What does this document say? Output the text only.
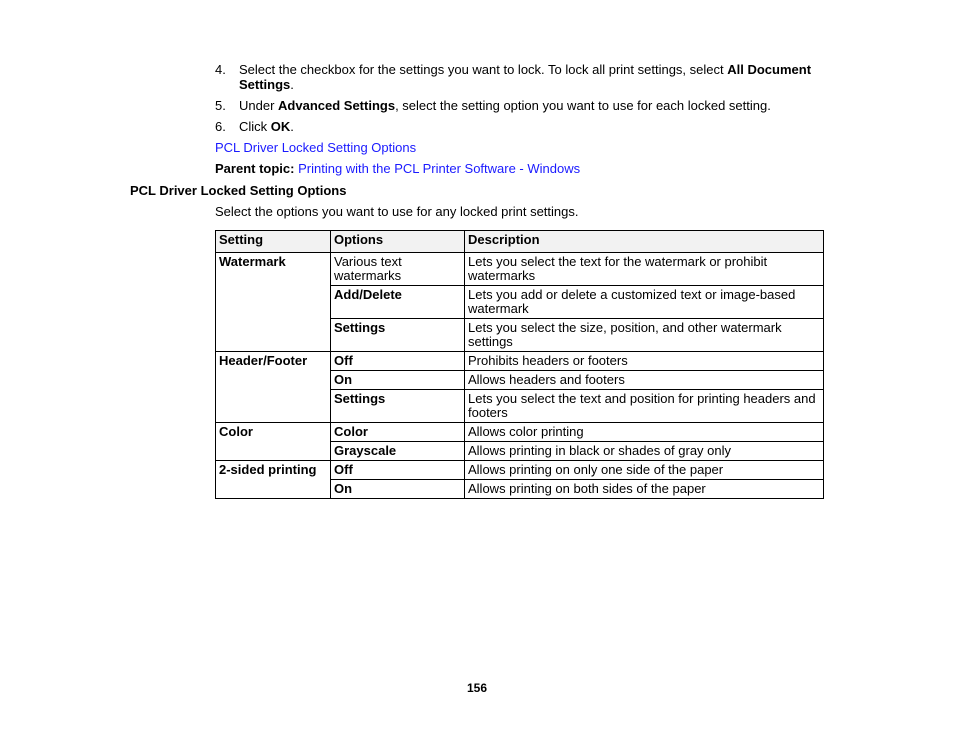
4. Select the checkbox for the settings you want to lock. To lock all print settings, select All Document Settings.
5. Under Advanced Settings, select the setting option you want to use for each locked setting.
6. Click OK.
PCL Driver Locked Setting Options
Parent topic: Printing with the PCL Printer Software - Windows
PCL Driver Locked Setting Options
Select the options you want to use for any locked print settings.
Setting	Options	Description
Watermark	Various text watermarks	Lets you select the text for the watermark or prohibit watermarks
	Add/Delete	Lets you add or delete a customized text or image-based watermark
	Settings	Lets you select the size, position, and other watermark settings
Header/Footer	Off	Prohibits headers or footers
	On	Allows headers and footers
	Settings	Lets you select the text and position for printing headers and footers
Color	Color	Allows color printing
	Grayscale	Allows printing in black or shades of gray only
2-sided printing	Off	Allows printing on only one side of the paper
	On	Allows printing on both sides of the paper
156
